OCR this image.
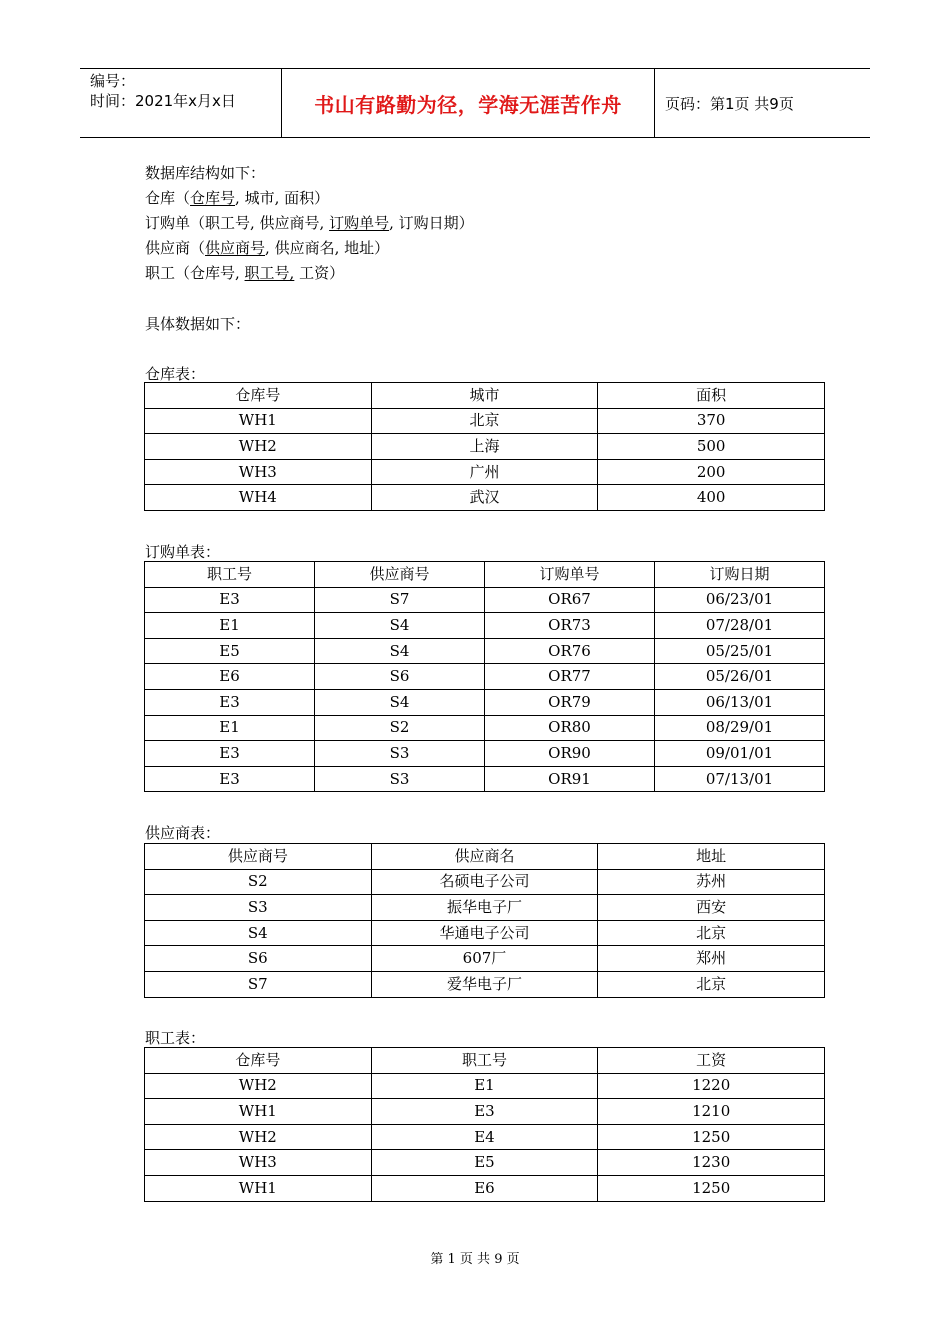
编号：
时间：2021年x月x日	书山有路勤为径，学海无涯苦作舟	页码：第1页 共9页
数据库结构如下：
仓库（仓库号, 城市, 面积）
订购单（职工号, 供应商号, 订购单号, 订购日期）
供应商（供应商号, 供应商名, 地址）
职工（仓库号, 职工号, 工资）
具体数据如下：
仓库表：
仓库号	城市	面积
WH1	北京	370
WH2	上海	500
WH3	广州	200
WH4	武汉	400
订购单表：
职工号	供应商号	订购单号	订购日期
E3	S7	OR67	06/23/01
E1	S4	OR73	07/28/01
E5	S4	OR76	05/25/01
E6	S6	OR77	05/26/01
E3	S4	OR79	06/13/01
E1	S2	OR80	08/29/01
E3	S3	OR90	09/01/01
E3	S3	OR91	07/13/01
供应商表：
供应商号	供应商名	地址
S2	名硕电子公司	苏州
S3	振华电子厂	西安
S4	华通电子公司	北京
S6	607厂	郑州
S7	爱华电子厂	北京
职工表：
仓库号	职工号	工资
WH2	E1	1220
WH1	E3	1210
WH2	E4	1250
WH3	E5	1230
WH1	E6	1250
第 1 页 共 9 页
